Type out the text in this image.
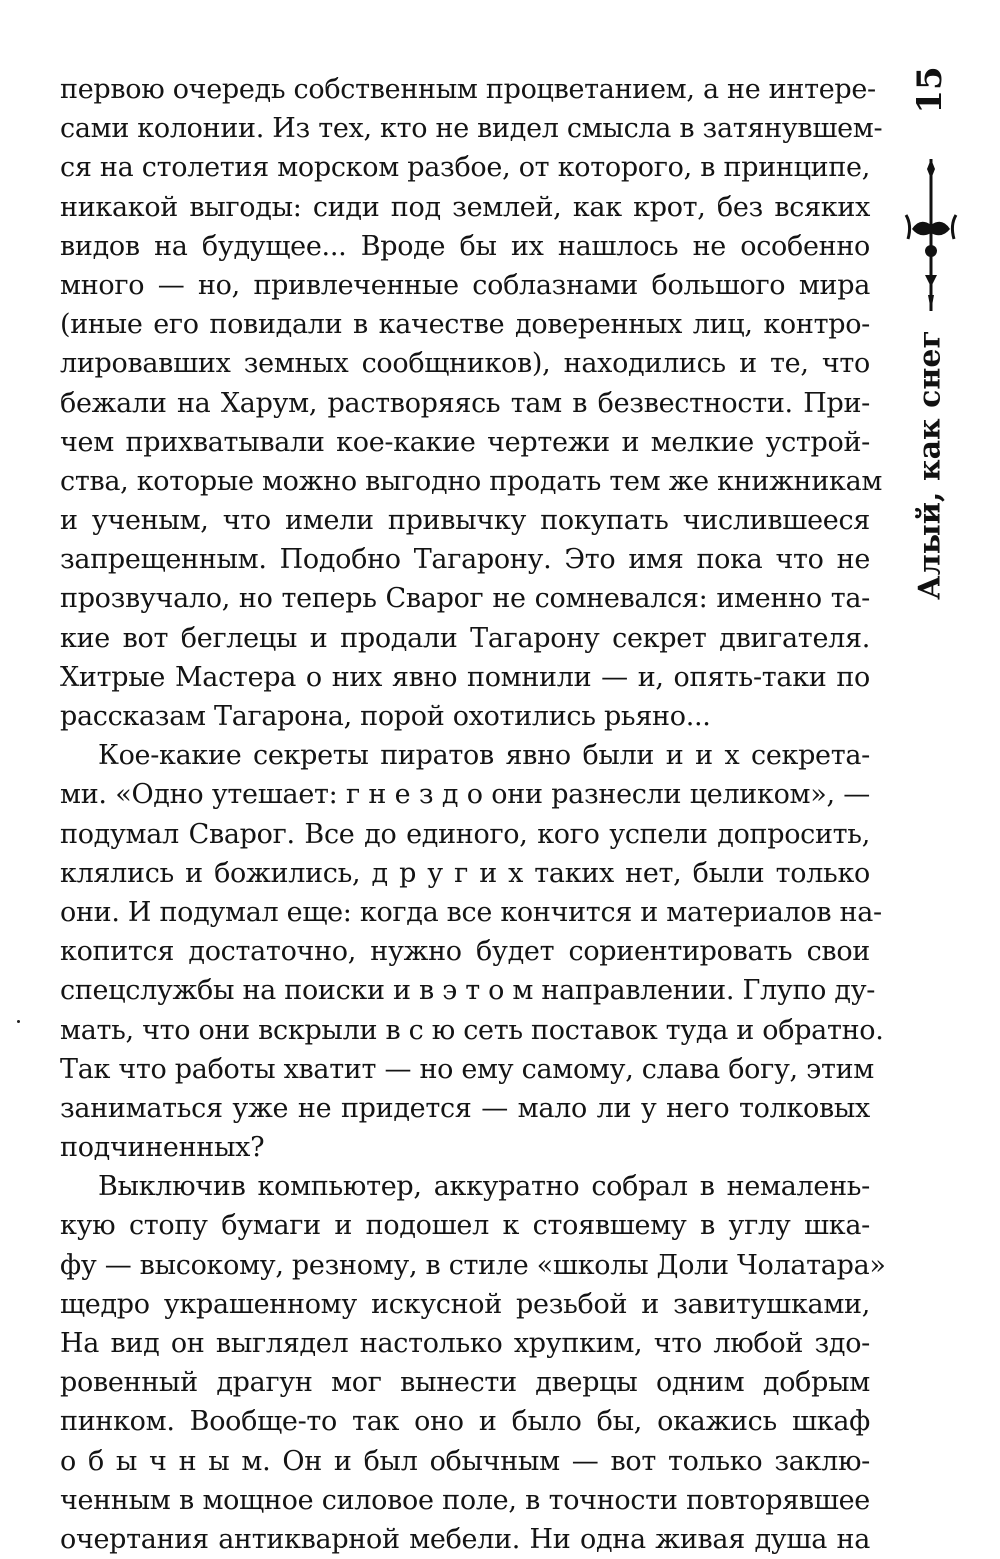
первою очередь собственным процветанием, а не интере-
сами колонии. Из тех, кто не видел смысла в затянувшем-
ся на столетия морском разбое, от которого, в принципе,
никакой выгоды: сиди под землей, как крот, без всяких
видов на будущее... Вроде бы их нашлось не особенно
много — но, привлеченные соблазнами большого мира
(иные его повидали в качестве доверенных лиц, контро-
лировавших земных сообщников), находились и те, что
бежали на Харум, растворяясь там в безвестности. При-
чем прихватывали кое-какие чертежи и мелкие устрой-
ства, которые можно выгодно продать тем же книжникам
и ученым, что имели привычку покупать числившееся
запрещенным. Подобно Тагарону. Это имя пока что не
прозвучало, но теперь Сварог не сомневался: именно та-
кие вот беглецы и продали Тагарону секрет двигателя.
Хитрые Мастера о них явно помнили — и, опять-таки по
рассказам Тагарона, порой охотились рьяно...
Кое-какие секреты пиратов явно были и и х секрета-
ми. «Одно утешает: г н е з д о они разнесли целиком», —
подумал Сварог. Все до единого, кого успели допросить,
клялись и божились, д р у г и х таких нет, были только
они. И подумал еще: когда все кончится и материалов на-
копится достаточно, нужно будет сориентировать свои
спецслужбы на поиски и в э т о м направлении. Глупо ду-
мать, что они вскрыли в с ю сеть поставок туда и обратно.
Так что работы хватит — но ему самому, слава богу, этим
заниматься уже не придется — мало ли у него толковых
подчиненных?
Выключив компьютер, аккуратно собрал в немалень-
кую стопу бумаги и подошел к стоявшему в углу шка-
фу — высокому, резному, в стиле «школы Доли Чолатара»
щедро украшенному искусной резьбой и завитушками,
На вид он выглядел настолько хрупким, что любой здо-
ровенный драгун мог вынести дверцы одним добрым
пинком. Вообще-то так оно и было бы, окажись шкаф
о б ы ч н ы м. Он и был обычным — вот только заклю-
ченным в мощное силовое поле, в точности повторявшее
очертания антикварной мебели. Ни одна живая душа на
15
Алый, как снег
